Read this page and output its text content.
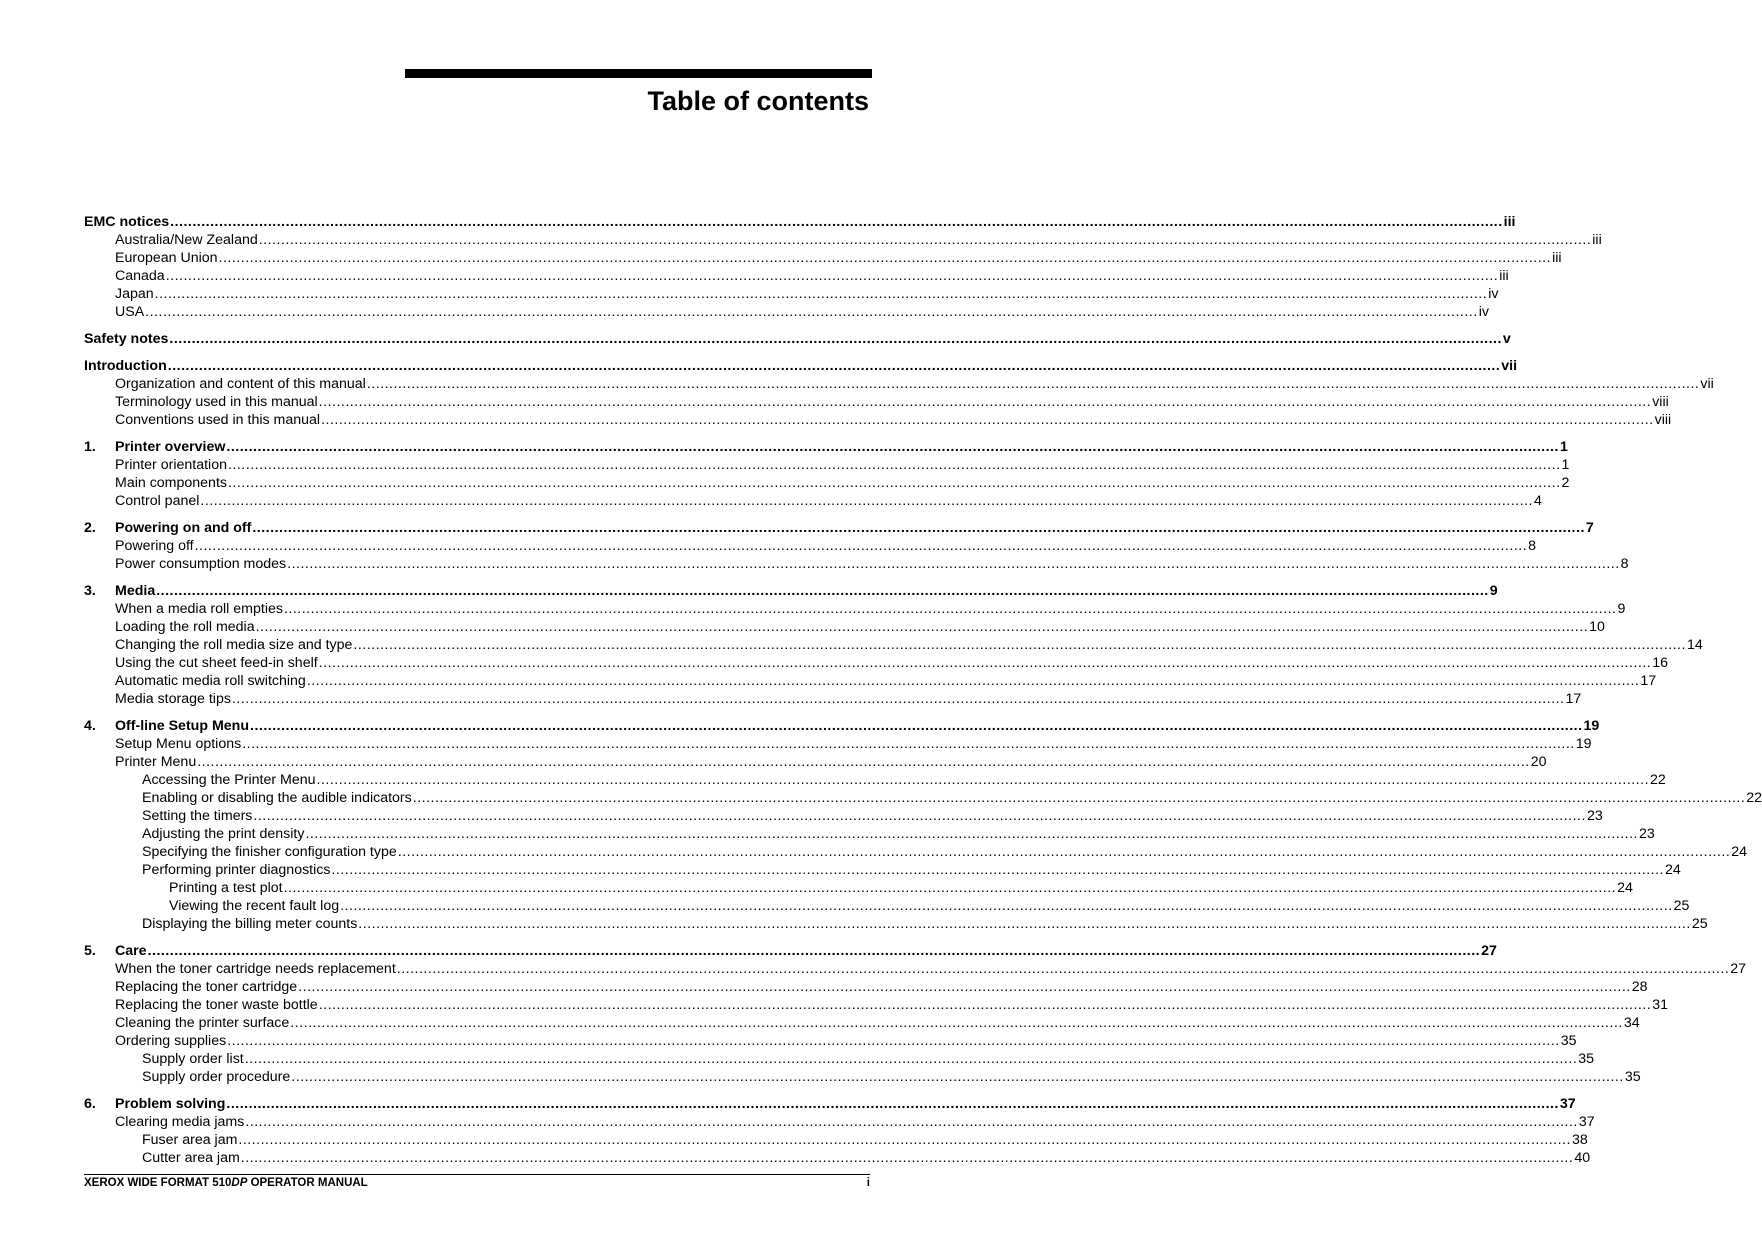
Table of contents
EMC notices ............................................................................................................................................................................................................................................................................................................ iii
Australia/New Zealand ............................................................................................................................................................................................................................................................................................................ iii
European Union ............................................................................................................................................................................................................................................................................................................ iii
Canada ............................................................................................................................................................................................................................................................................................................ iii
Japan ............................................................................................................................................................................................................................................................................................................ iv
USA ............................................................................................................................................................................................................................................................................................................ iv
Safety notes ............................................................................................................................................................................................................................................................................................................ v
Introduction ............................................................................................................................................................................................................................................................................................................ vii
Organization and content of this manual ............................................................................................................................................................................................................................................................................................................ vii
Terminology used in this manual ............................................................................................................................................................................................................................................................................................................ viii
Conventions used in this manual ............................................................................................................................................................................................................................................................................................................ viii
1.	Printer overview ............................................................................................................................................................................................................................................................................................................ 1
Printer orientation ............................................................................................................................................................................................................................................................................................................ 1
Main components ............................................................................................................................................................................................................................................................................................................ 2
Control panel ............................................................................................................................................................................................................................................................................................................ 4
2.	Powering on and off ............................................................................................................................................................................................................................................................................................................ 7
Powering off ............................................................................................................................................................................................................................................................................................................ 8
Power consumption modes ............................................................................................................................................................................................................................................................................................................ 8
3.	Media ............................................................................................................................................................................................................................................................................................................ 9
When a media roll empties ............................................................................................................................................................................................................................................................................................................ 9
Loading the roll media ............................................................................................................................................................................................................................................................................................................ 10
Changing the roll media size and type ............................................................................................................................................................................................................................................................................................................ 14
Using the cut sheet feed-in shelf ............................................................................................................................................................................................................................................................................................................ 16
Automatic media roll switching ............................................................................................................................................................................................................................................................................................................ 17
Media storage tips ............................................................................................................................................................................................................................................................................................................ 17
4.	Off-line Setup Menu ............................................................................................................................................................................................................................................................................................................ 19
Setup Menu options ............................................................................................................................................................................................................................................................................................................ 19
Printer Menu ............................................................................................................................................................................................................................................................................................................ 20
Accessing the Printer Menu ............................................................................................................................................................................................................................................................................................................ 22
Enabling or disabling the audible indicators ............................................................................................................................................................................................................................................................................................................ 22
Setting the timers ............................................................................................................................................................................................................................................................................................................ 23
Adjusting the print density ............................................................................................................................................................................................................................................................................................................ 23
Specifying the finisher configuration type ............................................................................................................................................................................................................................................................................................................ 24
Performing printer diagnostics ............................................................................................................................................................................................................................................................................................................ 24
Printing a test plot ............................................................................................................................................................................................................................................................................................................ 24
Viewing the recent fault log ............................................................................................................................................................................................................................................................................................................ 25
Displaying the billing meter counts ............................................................................................................................................................................................................................................................................................................ 25
5.	Care ............................................................................................................................................................................................................................................................................................................ 27
When the toner cartridge needs replacement ............................................................................................................................................................................................................................................................................................................ 27
Replacing the toner cartridge ............................................................................................................................................................................................................................................................................................................ 28
Replacing the toner waste bottle ............................................................................................................................................................................................................................................................................................................ 31
Cleaning the printer surface ............................................................................................................................................................................................................................................................................................................ 34
Ordering supplies ............................................................................................................................................................................................................................................................................................................ 35
Supply order list ............................................................................................................................................................................................................................................................................................................ 35
Supply order procedure ............................................................................................................................................................................................................................................................................................................ 35
6.	Problem solving ............................................................................................................................................................................................................................................................................................................ 37
Clearing media jams ............................................................................................................................................................................................................................................................................................................ 37
Fuser area jam ............................................................................................................................................................................................................................................................................................................ 38
Cutter area jam ............................................................................................................................................................................................................................................................................................................ 40
XEROX WIDE FORMAT 510DP OPERATOR MANUAL	i
